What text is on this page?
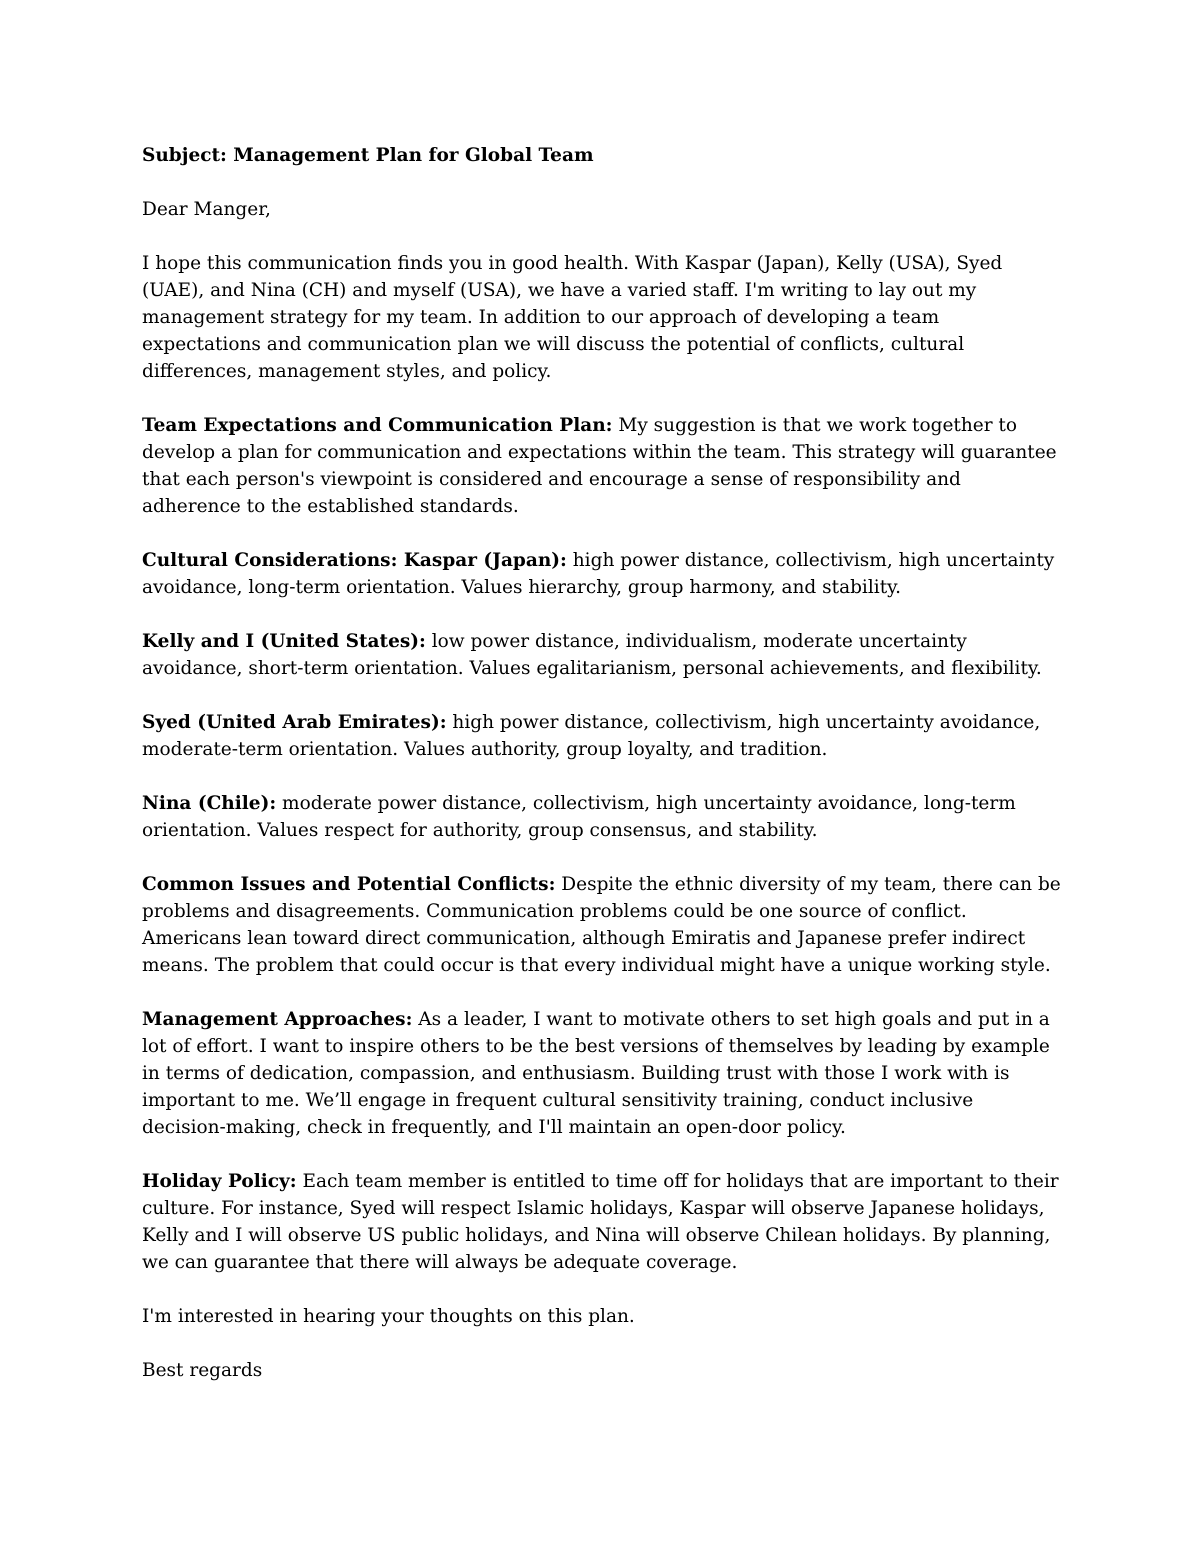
Subject: Management Plan for Global Team

Dear Manger,

I hope this communication finds you in good health. With Kaspar (Japan), Kelly (USA), Syed (UAE), and Nina (CH) and myself (USA), we have a varied staff. I'm writing to lay out my management strategy for my team. In addition to our approach of developing a team expectations and communication plan we will discuss the potential of conflicts, cultural differences, management styles, and policy.

Team Expectations and Communication Plan: My suggestion is that we work together to develop a plan for communication and expectations within the team. This strategy will guarantee that each person's viewpoint is considered and encourage a sense of responsibility and adherence to the established standards.

Cultural Considerations: Kaspar (Japan): high power distance, collectivism, high uncertainty avoidance, long-term orientation. Values hierarchy, group harmony, and stability.

Kelly and I (United States): low power distance, individualism, moderate uncertainty avoidance, short-term orientation. Values egalitarianism, personal achievements, and flexibility.

Syed (United Arab Emirates): high power distance, collectivism, high uncertainty avoidance, moderate-term orientation. Values authority, group loyalty, and tradition.

Nina (Chile): moderate power distance, collectivism, high uncertainty avoidance, long-term orientation. Values respect for authority, group consensus, and stability.

Common Issues and Potential Conflicts: Despite the ethnic diversity of my team, there can be problems and disagreements. Communication problems could be one source of conflict. Americans lean toward direct communication, although Emiratis and Japanese prefer indirect means. The problem that could occur is that every individual might have a unique working style.

Management Approaches: As a leader, I want to motivate others to set high goals and put in a lot of effort. I want to inspire others to be the best versions of themselves by leading by example in terms of dedication, compassion, and enthusiasm. Building trust with those I work with is important to me. We’ll engage in frequent cultural sensitivity training, conduct inclusive decision-making, check in frequently, and I'll maintain an open-door policy.

Holiday Policy: Each team member is entitled to time off for holidays that are important to their culture. For instance, Syed will respect Islamic holidays, Kaspar will observe Japanese holidays, Kelly and I will observe US public holidays, and Nina will observe Chilean holidays. By planning, we can guarantee that there will always be adequate coverage.

I'm interested in hearing your thoughts on this plan.

Best regards
